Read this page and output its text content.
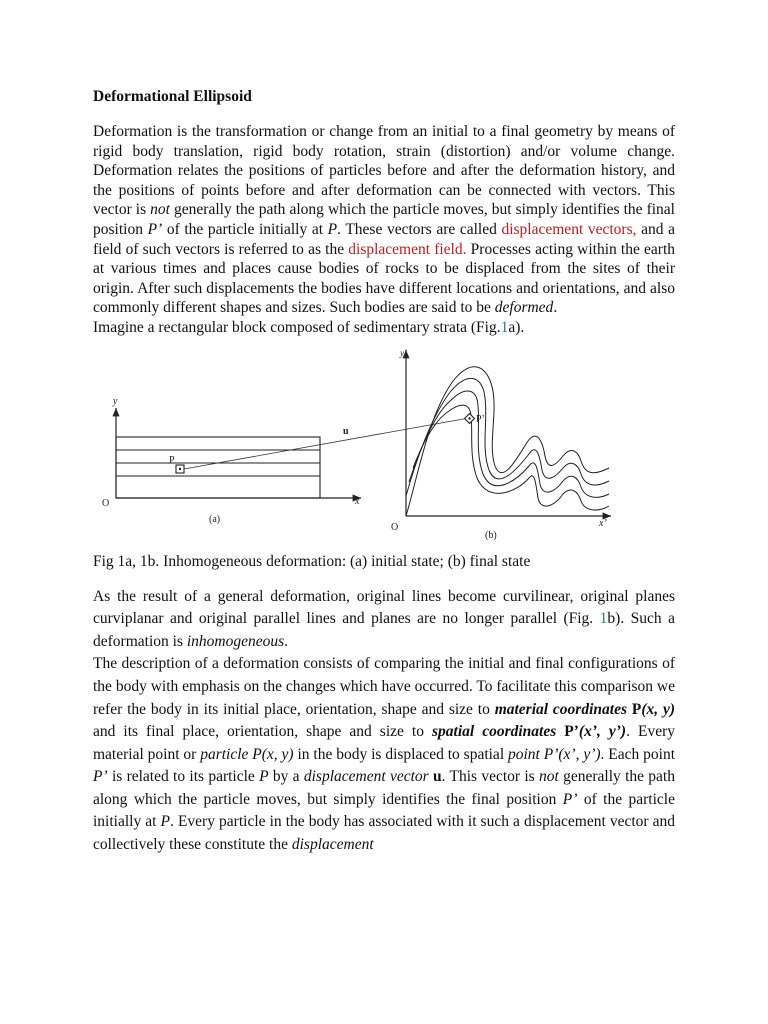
Deformational Ellipsoid

Deformation is the transformation or change from an initial to a final geometry by means of rigid body translation, rigid body rotation, strain (distortion) and/or volume change. Deformation relates the positions of particles before and after the deformation history, and the positions of points before and after deformation can be connected with vectors. This vector is not generally the path along which the particle moves, but simply identifies the final position P’ of the particle initially at P. These vectors are called displacement vectors, and a field of such vectors is referred to as the displacement field. Processes acting within the earth at various times and places cause bodies of rocks to be displaced from the sites of their origin. After such displacements the bodies have different locations and orientations, and also commonly different shapes and sizes. Such bodies are said to be deformed.

Imagine a rectangular block composed of sedimentary strata (Fig.1a).

y
x
O
P
(a)
u
P’
y’
x’
O
(b)

Fig 1a, 1b. Inhomogeneous deformation: (a) initial state; (b) final state

As the result of a general deformation, original lines become curvilinear, original planes curviplanar and original parallel lines and planes are no longer parallel (Fig. 1b). Such a deformation is inhomogeneous.

The description of a deformation consists of comparing the initial and final configurations of the body with emphasis on the changes which have occurred. To facilitate this comparison we refer the body in its initial place, orientation, shape and size to material coordinates P(x, y) and its final place, orientation, shape and size to spatial coordinates P’(x’, y’). Every material point or particle P(x, y) in the body is displaced to spatial point P’(x’, y’). Each point P’ is related to its particle P by a displacement vector u. This vector is not generally the path along which the particle moves, but simply identifies the final position P’ of the particle initially at P. Every particle in the body has associated with it such a displacement vector and collectively these constitute the displacement
